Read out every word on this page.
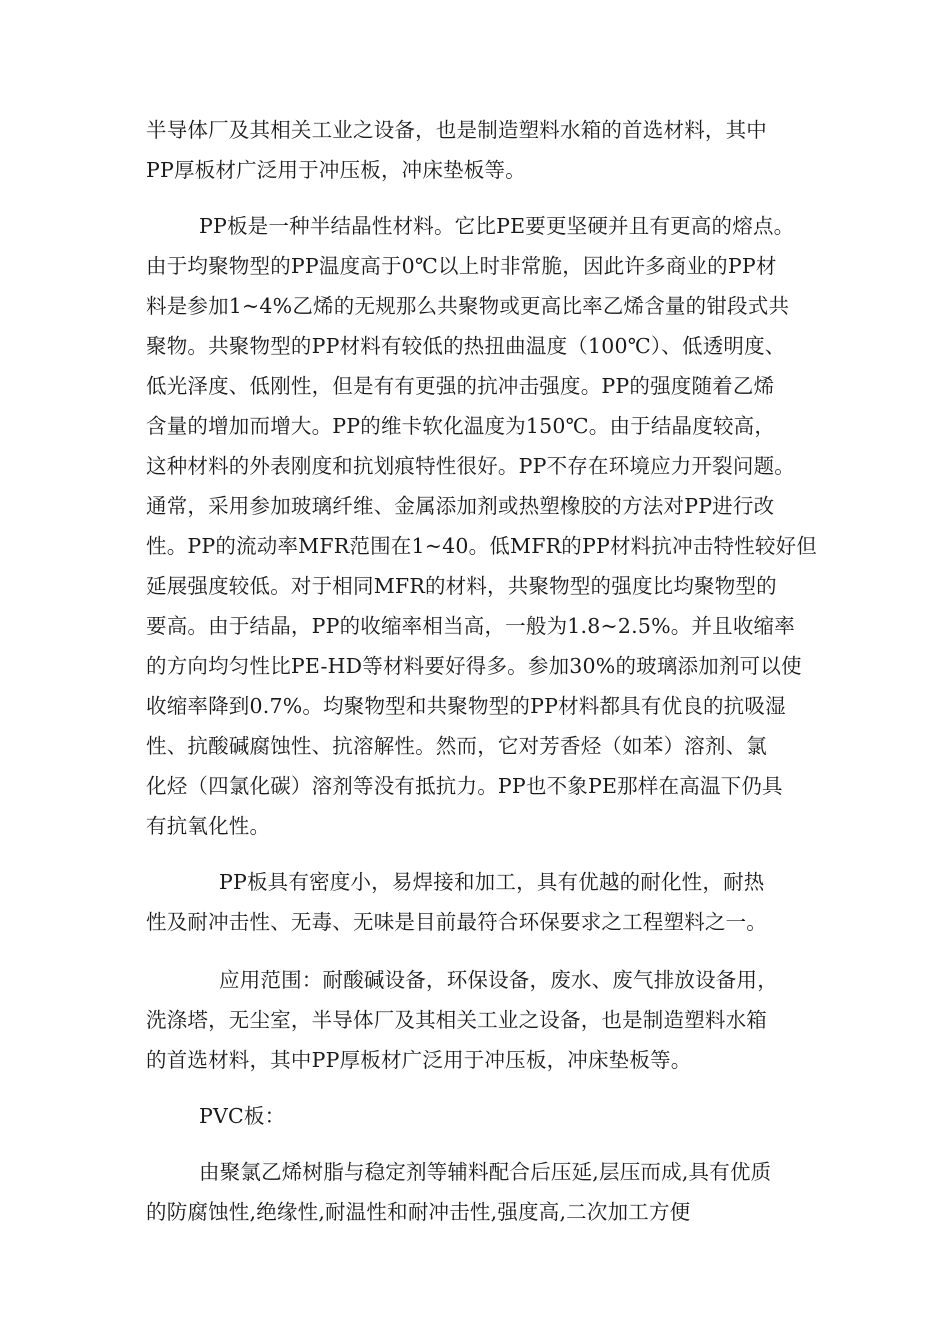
半导体厂及其相关工业之设备，也是制造塑料水箱的首选材料，其中
PP厚板材广泛用于冲压板，冲床垫板等。
PP板是一种半结晶性材料。它比PE要更坚硬并且有更高的熔点。
由于均聚物型的PP温度高于0℃以上时非常脆，因此许多商业的PP材
料是参加1~4%乙烯的无规那么共聚物或更高比率乙烯含量的钳段式共
聚物。共聚物型的PP材料有较低的热扭曲温度（100℃）、低透明度、
低光泽度、低刚性，但是有有更强的抗冲击强度。PP的强度随着乙烯
含量的增加而增大。PP的维卡软化温度为150℃。由于结晶度较高，
这种材料的外表刚度和抗划痕特性很好。PP不存在环境应力开裂问题。
通常，采用参加玻璃纤维、金属添加剂或热塑橡胶的方法对PP进行改
性。PP的流动率MFR范围在1~40。低MFR的PP材料抗冲击特性较好但
延展强度较低。对于相同MFR的材料，共聚物型的强度比均聚物型的
要高。由于结晶，PP的收缩率相当高，一般为1.8~2.5%。并且收缩率
的方向均匀性比PE-HD等材料要好得多。参加30%的玻璃添加剂可以使
收缩率降到0.7%。均聚物型和共聚物型的PP材料都具有优良的抗吸湿
性、抗酸碱腐蚀性、抗溶解性。然而，它对芳香烃（如苯）溶剂、氯
化烃（四氯化碳）溶剂等没有抵抗力。PP也不象PE那样在高温下仍具
有抗氧化性。
PP板具有密度小，易焊接和加工，具有优越的耐化性，耐热
性及耐冲击性、无毒、无味是目前最符合环保要求之工程塑料之一。
应用范围：耐酸碱设备，环保设备，废水、废气排放设备用，
洗涤塔，无尘室，半导体厂及其相关工业之设备，也是制造塑料水箱
的首选材料，其中PP厚板材广泛用于冲压板，冲床垫板等。
PVC板：
由聚氯乙烯树脂与稳定剂等辅料配合后压延,层压而成,具有优质
的防腐蚀性,绝缘性,耐温性和耐冲击性,强度高,二次加工方便
